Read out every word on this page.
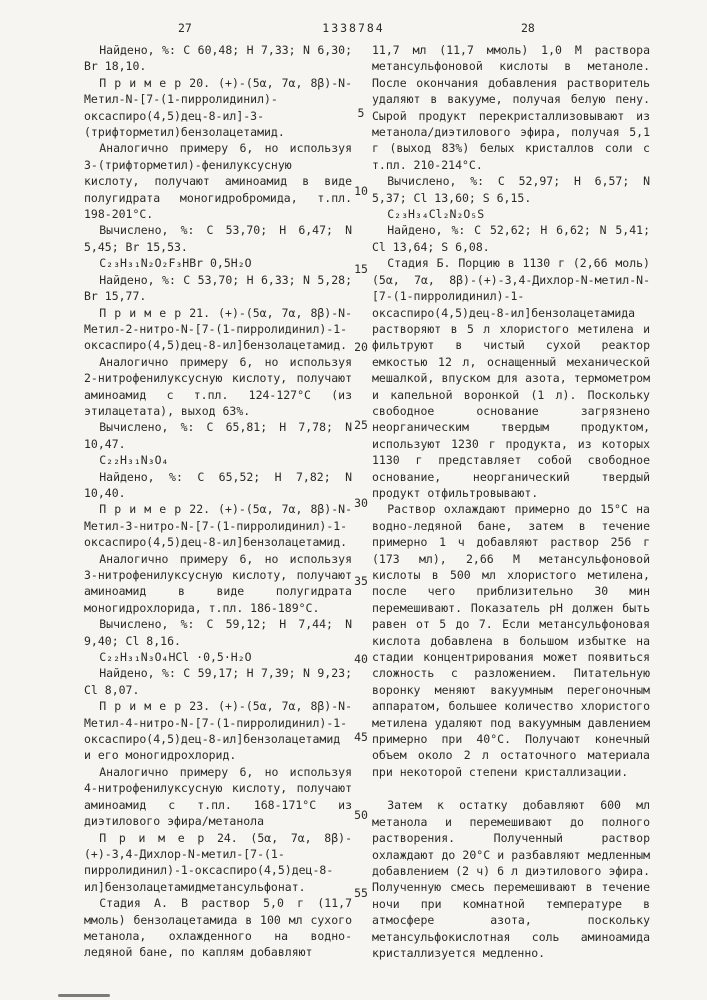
27	1338784	28

Найдено, %: С 60,48; Н 7,33; N 6,30; Br 18,10.

П р и м е р 20. (+)-(5α, 7α, 8β)-N-Метил-N-[7-(1-пирролидинил)-оксаспиро(4,5)дец-8-ил]-3-(трифторметил)бензолацетамид.

Аналогично примеру 6, но используя 3-(трифторметил)-фенилуксусную кислоту, получают аминоамид в виде полугидрата моногидробромида, т.пл. 198-201°С.

Вычислено, %: С 53,70; Н 6,47; N 5,45; Br 15,53.

C₂₃H₃₁N₂O₂F₃HBr 0,5H₂O

Найдено, %: С 53,70; Н 6,33; N 5,28; Br 15,77.

П р и м е р 21. (+)-(5α, 7α, 8β)-N-Метил-2-нитро-N-[7-(1-пирролидинил)-1-оксаспиро(4,5)дец-8-ил]бензолацетамид.

Аналогично примеру 6, но используя 2-нитрофенилуксусную кислоту, получают аминоамид с т.пл. 124-127°С (из этилацетата), выход 63%.

Вычислено, %: С 65,81; Н 7,78; N 10,47.

C₂₂H₃₁N₃O₄

Найдено, %: С 65,52; Н 7,82; N 10,40.

П р и м е р 22. (+)-(5α, 7α, 8β)-N-Метил-3-нитро-N-[7-(1-пирролидинил)-1-оксаспиро(4,5)дец-8-ил]бензолацетамид.

Аналогично примеру 6, но используя 3-нитрофенилуксусную кислоту, получают аминоамид в виде полугидрата моногидрохлорида, т.пл. 186-189°С.

Вычислено, %: С 59,12; Н 7,44; N 9,40; Cl 8,16.

C₂₂H₃₁N₃O₄HCl ·0,5·H₂O

Найдено, %: С 59,17; Н 7,39; N 9,23; Cl 8,07.

П р и м е р 23. (+)-(5α, 7α, 8β)-N-Метил-4-нитро-N-[7-(1-пирролидинил)-1-оксаспиро(4,5)дец-8-ил]бензолацетамид и его моногидрохлорид.

Аналогично примеру 6, но используя 4-нитрофенилуксусную кислоту, получают аминоамид с т.пл. 168-171°С из диэтилового эфира/метанола

П р и м е р 24. (5α, 7α, 8β)-(+)-3,4-Дихлор-N-метил-[7-(1-пирролидинил)-1-оксаспиро(4,5)дец-8-ил]бензолацетамидметансульфонат.

Стадия А. В раствор 5,0 г (11,7 ммоль) бензолацетамида в 100 мл сухого метанола, охлажденного на водно-ледяной бане, по каплям добавляют

5
10
15
20
25
30
35
40
45
50
55

11,7 мл (11,7 ммоль) 1,0 М раствора метансульфоновой кислоты в метаноле. После окончания добавления растворитель удаляют в вакууме, получая белую пену. Сырой продукт перекристаллизовывают из метанола/диэтилового эфира, получая 5,1 г (выход 83%) белых кристаллов соли с т.пл. 210-214°С.

Вычислено, %: С 52,97; Н 6,57; N 5,37; Cl 13,60; S 6,15.

C₂₃H₃₄Cl₂N₂O₅S

Найдено, %: С 52,62; Н 6,62; N 5,41; Cl 13,64; S 6,08.

Стадия Б. Порцию в 1130 г (2,66 моль) (5α, 7α, 8β)-(+)-3,4-Дихлор-N-метил-N-[7-(1-пирролидинил)-1-оксаспиро(4,5)дец-8-ил]бензолацетамида растворяют в 5 л хлористого метилена и фильтруют в чистый сухой реактор емкостью 12 л, оснащенный механической мешалкой, впуском для азота, термометром и капельной воронкой (1 л). Поскольку свободное основание загрязнено неорганическим твердым продуктом, используют 1230 г продукта, из которых 1130 г представляет собой свободное основание, неорганический твердый продукт отфильтровывают.

Раствор охлаждают примерно до 15°С на водно-ледяной бане, затем в течение примерно 1 ч добавляют раствор 256 г (173 мл), 2,66 М метансульфоновой кислоты в 500 мл хлористого метилена, после чего приблизительно 30 мин перемешивают. Показатель pH должен быть равен от 5 до 7. Если метансульфоновая кислота добавлена в большом избытке на стадии концентрирования может появиться сложность с разложением. Питательную воронку меняют вакуумным перегоночным аппаратом, большее количество хлористого метилена удаляют под вакуумным давлением примерно при 40°С. Получают конечный объем около 2 л остаточного материала при некоторой степени кристаллизации.

Затем к остатку добавляют 600 мл метанола и перемешивают до полного растворения. Полученный раствор охлаждают до 20°С и разбавляют медленным добавлением (2 ч) 6 л диэтилового эфира. Полученную смесь перемешивают в течение ночи при комнатной температуре в атмосфере азота, поскольку метансульфокислотная соль аминоамида кристаллизуется медленно.
